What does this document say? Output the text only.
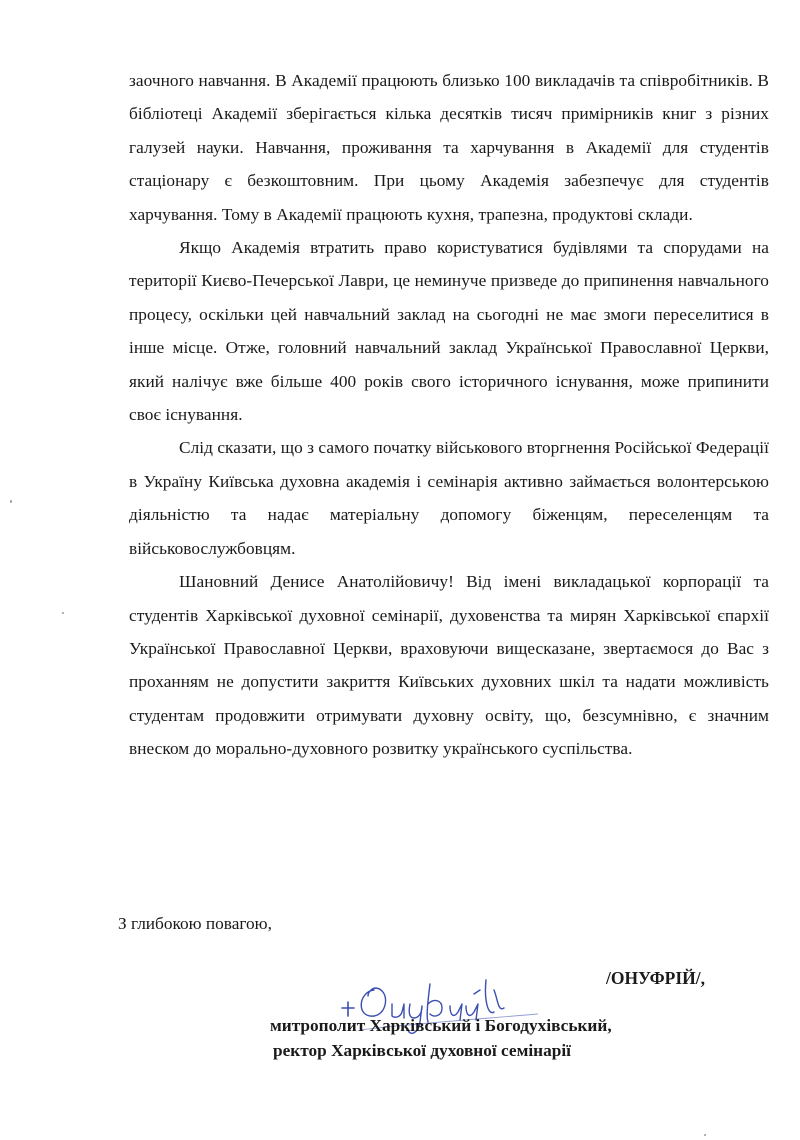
заочного навчання. В Академії працюють близько 100 викладачів та співробітників. В бібліотеці Академії зберігається кілька десятків тисяч примірників книг з різних галузей науки. Навчання, проживання та харчування в Академії для студентів стаціонару є безкоштовним. При цьому Академія забезпечує для студентів харчування. Тому в Академії працюють кухня, трапезна, продуктові склади.

Якщо Академія втратить право користуватися будівлями та спорудами на території Києво-Печерської Лаври, це неминуче призведе до припинення навчального процесу, оскільки цей навчальний заклад на сьогодні не має змоги переселитися в інше місце. Отже, головний навчальний заклад Української Православної Церкви, який налічує вже більше 400 років свого історичного існування, може припинити своє існування.

Слід сказати, що з самого початку військового вторгнення Російської Федерації в Україну Київська духовна академія і семінарія активно займається волонтерською діяльністю та надає матеріальну допомогу біженцям, переселенцям та військовослужбовцям.

Шановний Денисе Анатолійовичу! Від імені викладацької корпорації та студентів Харківської духовної семінарії, духовенства та мирян Харківської єпархії Української Православної Церкви, враховуючи вищесказане, звертаємося до Вас з проханням не допустити закриття Київських духовних шкіл та надати можливість студентам продовжити отримувати духовну освіту, що, безсумнівно, є значним внеском до морально-духовного розвитку українського суспільства.

З глибокою повагою,
/ОНУФРІЙ/,
митрополит Харківський і Богодухівський,
ректор Харківської духовної семінарії
